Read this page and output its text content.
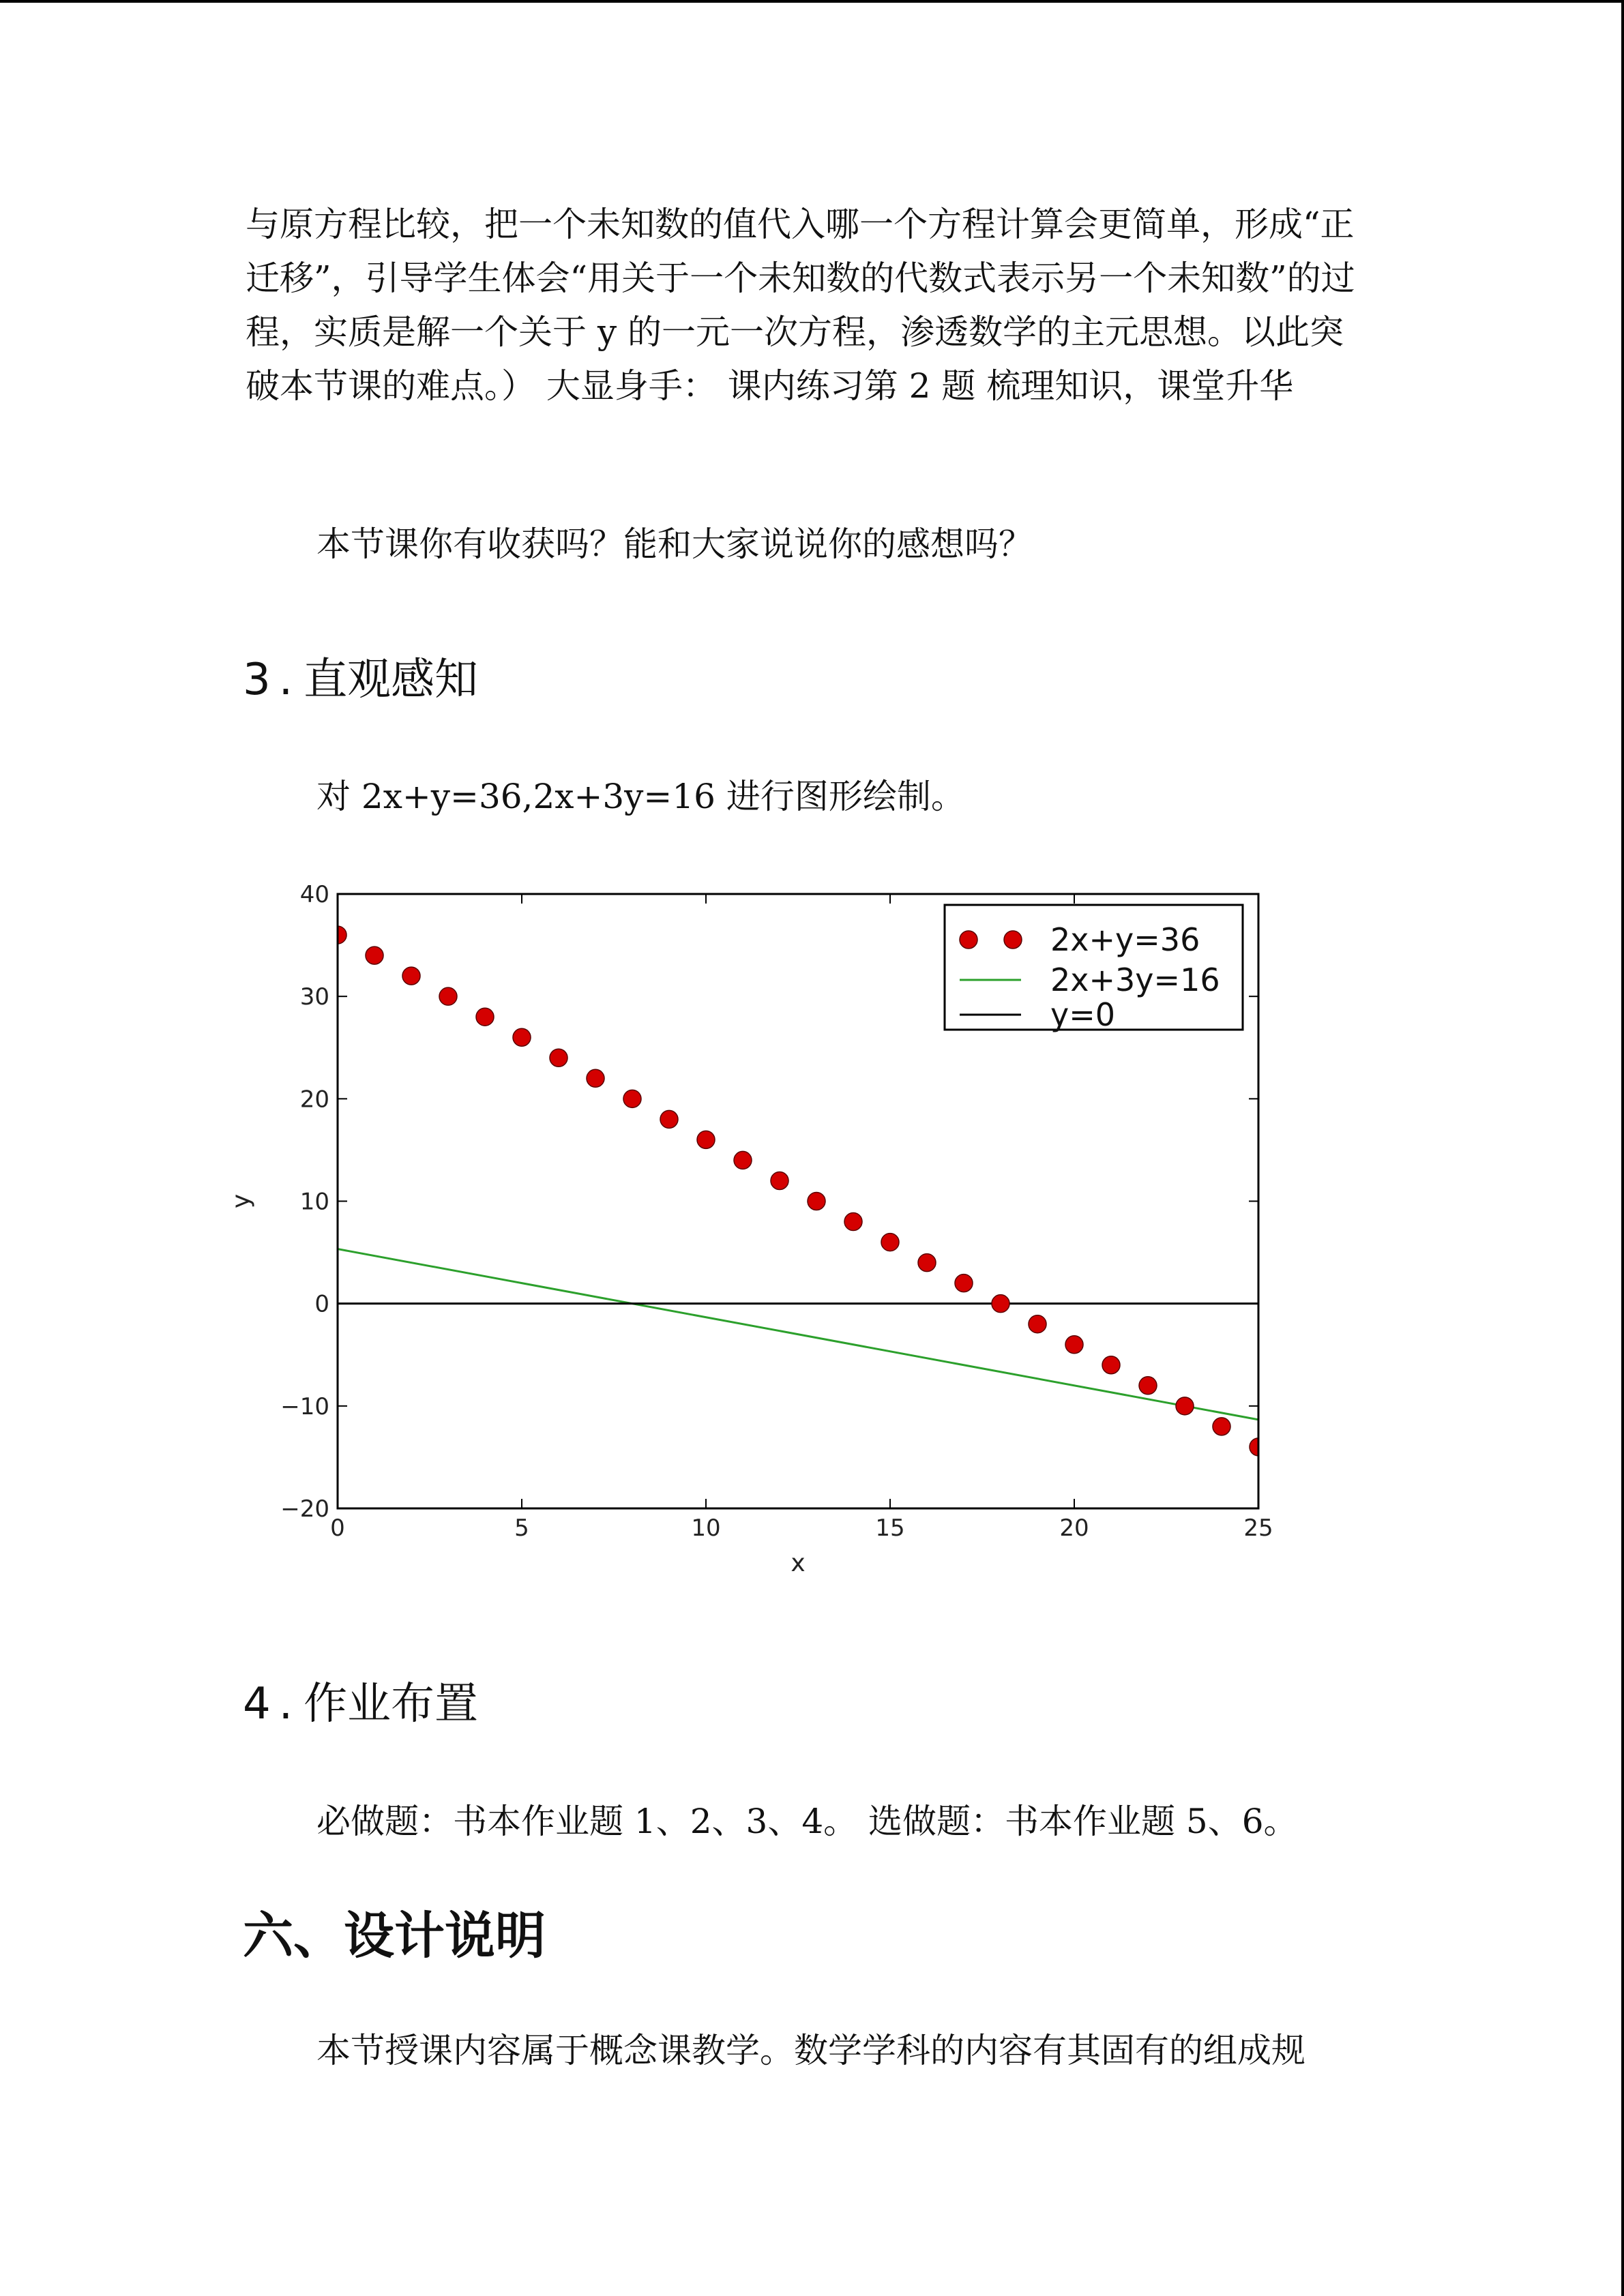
与原方程比较，把一个未知数的值代入哪一个方程计算会更简单，形成“正迁移”，引导学生体会“用关于一个未知数的代数式表示另一个未知数”的过程，实质是解一个关于 y 的一元一次方程，渗透数学的主元思想。以此突破本节课的难点。） 大显身手： 课内练习第 2 题 梳理知识，课堂升华

本节课你有收获吗？能和大家说说你的感想吗？

3 . 直观感知

对 2x+y=36,2x+3y=16 进行图形绘制。

0	5	10	15	20	25
40
30
20
10
0
−10
−20
x
y
2x+y=36
2x+3y=16
y=0
4 . 作业布置

必做题：书本作业题 1、2、3、4。 选做题：书本作业题 5、6。

六、设计说明

本节授课内容属于概念课教学。数学学科的内容有其固有的组成规
